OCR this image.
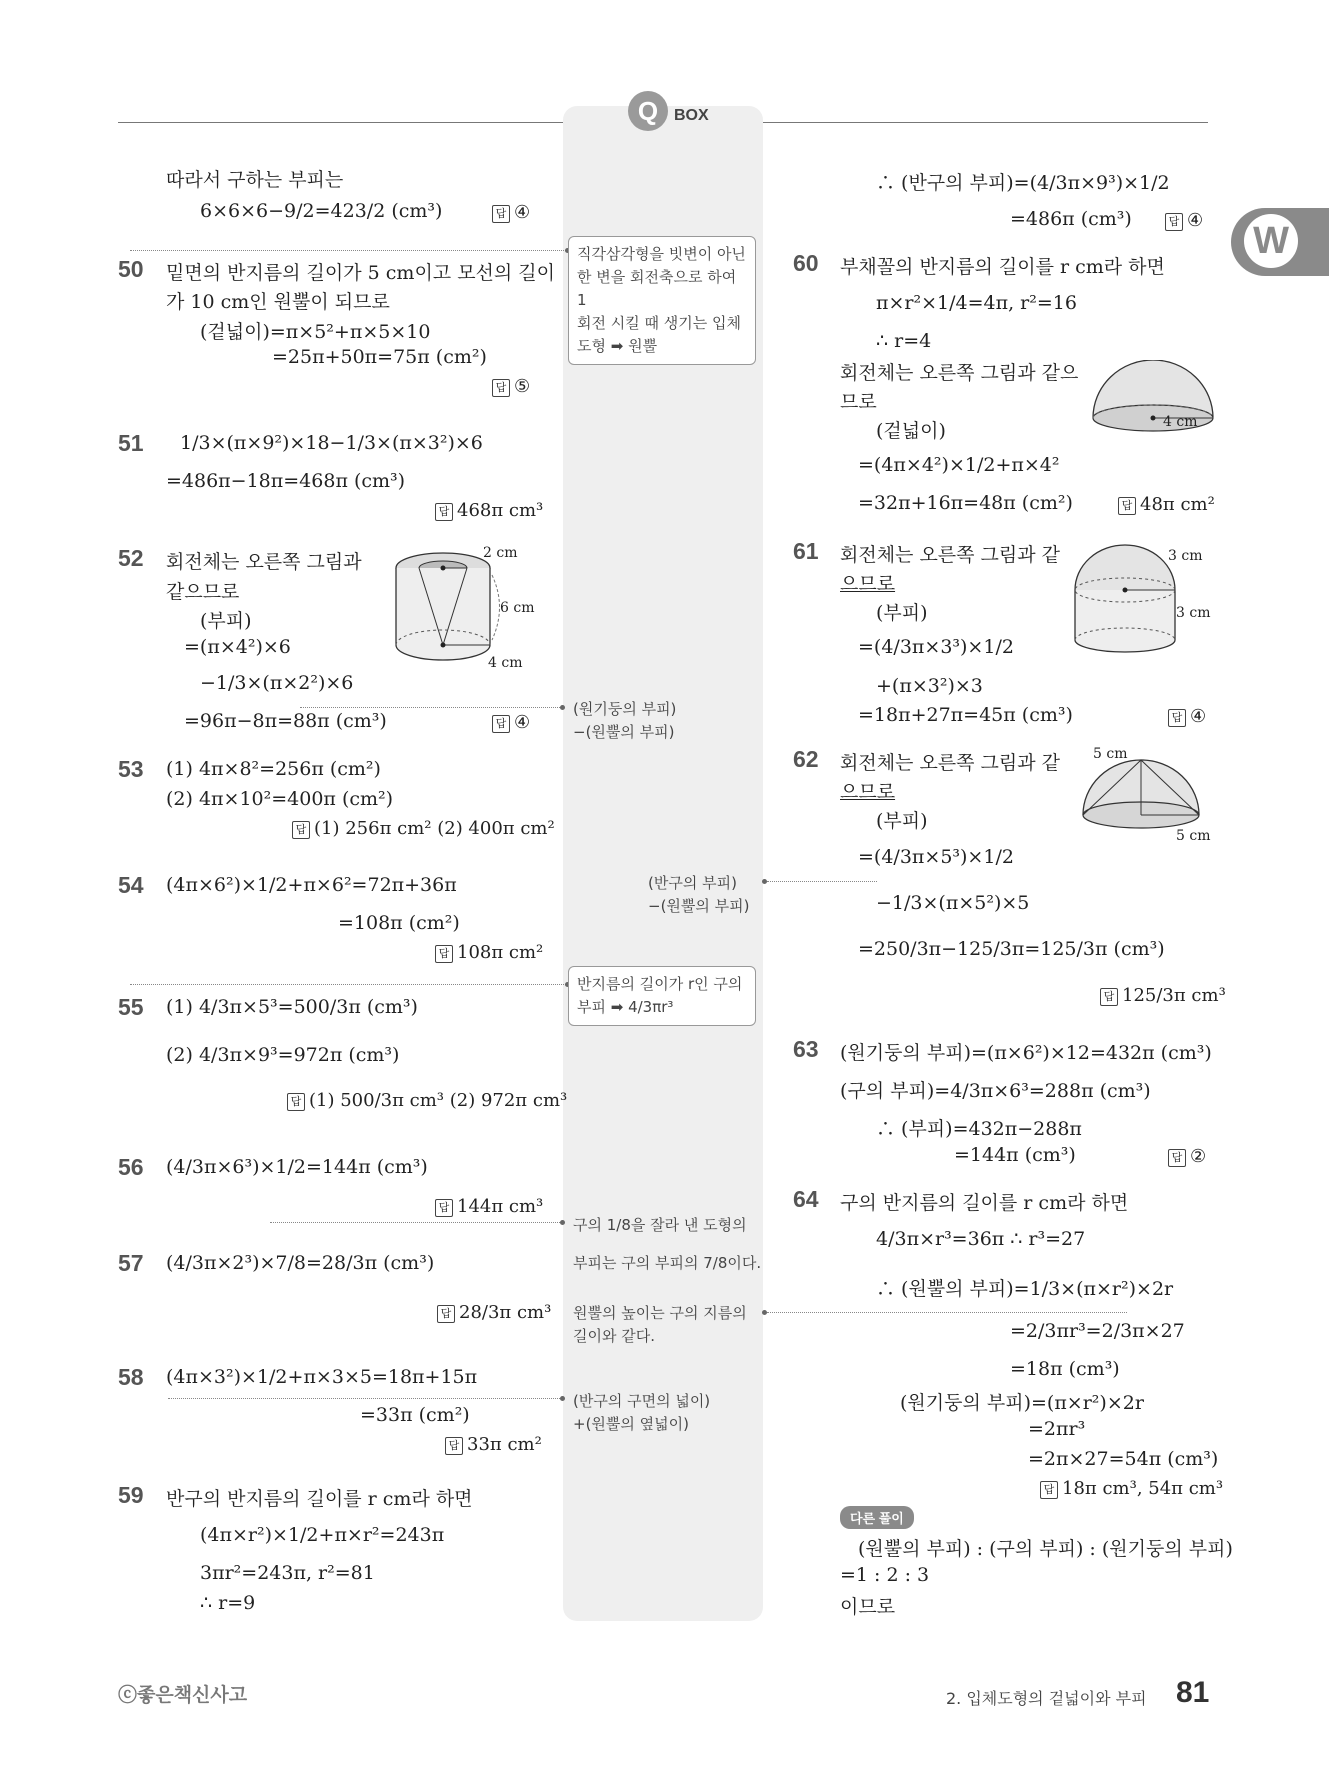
Q BOX
W
따라서 구하는 부피는
6×6×6−9/2=423/2 (cm³)	답 ④
50 밑면의 반지름의 길이가 5 cm이고 모선의 길이
가 10 cm인 원뿔이 되므로
(겉넓이)=π×5²+π×5×10
=25π+50π=75π (cm²)
답 ⑤
51 1/3×(π×9²)×18−1/3×(π×3²)×6
=486π−18π=468π (cm³)
답 468π cm³
52 회전체는 오른쪽 그림과
같으므로
(부피)
=(π×4²)×6
−1/3×(π×2²)×6
=96π−8π=88π (cm³)	답 ④
2 cm
6 cm
4 cm
53 (1) 4π×8²=256π (cm²)
(2) 4π×10²=400π (cm²)
답 (1) 256π cm² (2) 400π cm²
54 (4π×6²)×1/2+π×6²=72π+36π
=108π (cm²)
답 108π cm²
55 (1) 4/3π×5³=500/3π (cm³)
(2) 4/3π×9³=972π (cm³)
답 (1) 500/3π cm³ (2) 972π cm³
56 (4/3π×6³)×1/2=144π (cm³)
답 144π cm³
57 (4/3π×2³)×7/8=28/3π (cm³)
답 28/3π cm³
58 (4π×3²)×1/2+π×3×5=18π+15π
=33π (cm²)
답 33π cm²
59 반구의 반지름의 길이를 r cm라 하면
(4π×r²)×1/2+π×r²=243π
3πr²=243π, r²=81
∴ r=9
직각삼각형을 빗변이 아닌
한 변을 회전축으로 하여 1
회전 시킬 때 생기는 입체
도형 ➡ 원뿔
(원기둥의 부피)
−(원뿔의 부피)
(반구의 부피)
−(원뿔의 부피)
반지름의 길이가 r인 구의
부피 ➡ 4/3πr³
구의 1/8을 잘라 낸 도형의
부피는 구의 부피의 7/8이다.
원뿔의 높이는 구의 지름의
길이와 같다.
(반구의 구면의 넓이)
+(원뿔의 옆넓이)
∴ (반구의 부피)=(4/3π×9³)×1/2
=486π (cm³)	답 ④
60 부채꼴의 반지름의 길이를 r cm라 하면
π×r²×1/4=4π, r²=16
∴ r=4
회전체는 오른쪽 그림과 같으
므로
(겉넓이)
=(4π×4²)×1/2+π×4²
=32π+16π=48π (cm²)	답 48π cm²
4 cm
61 회전체는 오른쪽 그림과 같
으므로
(부피)
=(4/3π×3³)×1/2
+(π×3²)×3
=18π+27π=45π (cm³)	답 ④
3 cm
3 cm
62 회전체는 오른쪽 그림과 같
으므로
(부피)
=(4/3π×5³)×1/2
−1/3×(π×5²)×5
=250/3π−125/3π=125/3π (cm³)
답 125/3π cm³
5 cm
5 cm
63 (원기둥의 부피)=(π×6²)×12=432π (cm³)
(구의 부피)=4/3π×6³=288π (cm³)
∴ (부피)=432π−288π
=144π (cm³)	답 ②
64 구의 반지름의 길이를 r cm라 하면
4/3π×r³=36π ∴ r³=27
∴ (원뿔의 부피)=1/3×(π×r²)×2r
=2/3πr³=2/3π×27
=18π (cm³)
(원기둥의 부피)=(π×r²)×2r
=2πr³
=2π×27=54π (cm³)
답 18π cm³, 54π cm³
다른 풀이
(원뿔의 부피) : (구의 부피) : (원기둥의 부피)
=1 : 2 : 3
이므로
ⓒ좋은책신사고	2. 입체도형의 겉넓이와 부피 81
